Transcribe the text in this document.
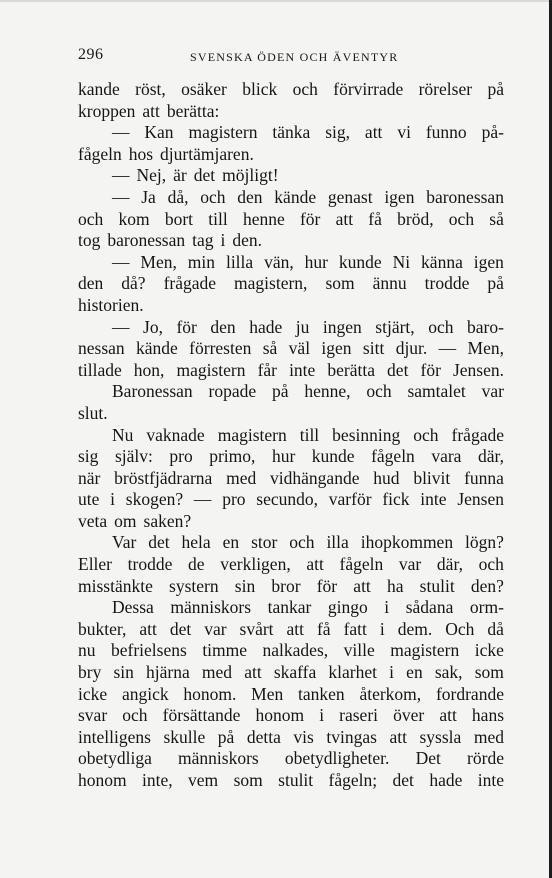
296	SVENSKA ÖDEN OCH ÄVENTYR
kande röst, osäker blick och förvirrade rörelser på
kroppen att berätta:
— Kan magistern tänka sig, att vi funno på-
fågeln hos djurtämjaren.
— Nej, är det möjligt!
— Ja då, och den kände genast igen baronessan
och kom bort till henne för att få bröd, och så
tog baronessan tag i den.
— Men, min lilla vän, hur kunde Ni känna igen
den då? frågade magistern, som ännu trodde på
historien.
— Jo, för den hade ju ingen stjärt, och baro-
nessan kände förresten så väl igen sitt djur. — Men,
tillade hon, magistern får inte berätta det för Jensen.
Baronessan ropade på henne, och samtalet var
slut.
Nu vaknade magistern till besinning och frågade
sig själv: pro primo, hur kunde fågeln vara där,
när bröstfjädrarna med vidhängande hud blivit funna
ute i skogen? — pro secundo, varför fick inte Jensen
veta om saken?
Var det hela en stor och illa ihopkommen lögn?
Eller trodde de verkligen, att fågeln var där, och
misstänkte systern sin bror för att ha stulit den?
Dessa människors tankar gingo i sådana orm-
bukter, att det var svårt att få fatt i dem. Och då
nu befrielsens timme nalkades, ville magistern icke
bry sin hjärna med att skaffa klarhet i en sak, som
icke angick honom. Men tanken återkom, fordrande
svar och försättande honom i raseri över att hans
intelligens skulle på detta vis tvingas att syssla med
obetydliga människors obetydligheter. Det rörde
honom inte, vem som stulit fågeln; det hade inte
